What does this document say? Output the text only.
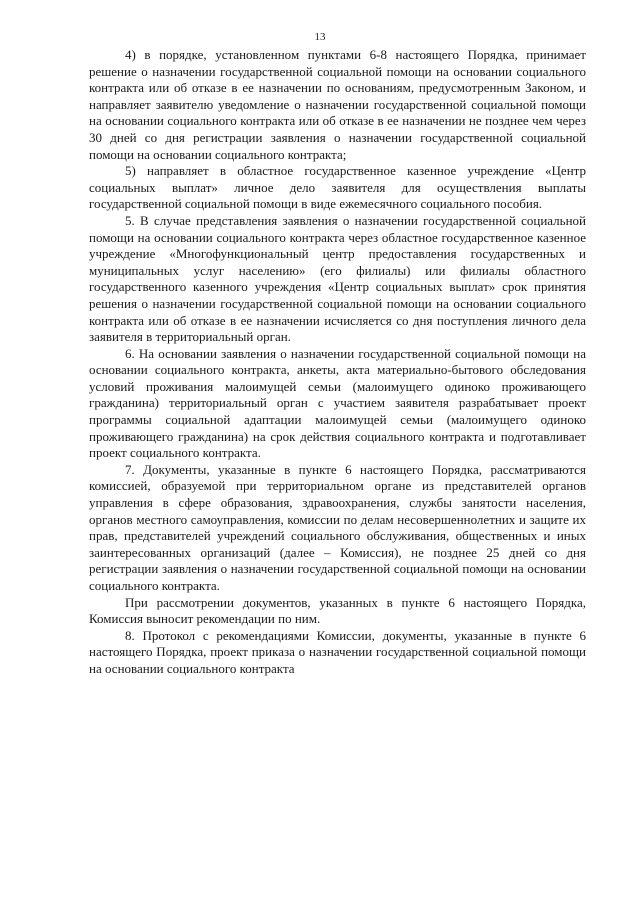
13

4) в порядке, установленном пунктами 6-8 настоящего Порядка, принимает решение о назначении государственной социальной помощи на основании социального контракта или об отказе в ее назначении по основаниям, предусмотренным Законом, и направляет заявителю уведомление о назначении государственной социальной помощи на основании социального контракта или об отказе в ее назначении не позднее чем через 30 дней со дня регистрации заявления о назначении государственной социальной помощи на основании социального контракта;

5) направляет в областное государственное казенное учреждение «Центр социальных выплат» личное дело заявителя для осуществления выплаты государственной социальной помощи в виде ежемесячного социального пособия.

5. В случае представления заявления о назначении государственной социальной помощи на основании социального контракта через областное государственное казенное учреждение «Многофункциональный центр предоставления государственных и муниципальных услуг населению» (его филиалы) или филиалы областного государственного казенного учреждения «Центр социальных выплат» срок принятия решения о назначении государственной социальной помощи на основании социального контракта или об отказе в ее назначении исчисляется со дня поступления личного дела заявителя в территориальный орган.

6. На основании заявления о назначении государственной социальной помощи на основании социального контракта, анкеты, акта материально-бытового обследования условий проживания малоимущей семьи (малоимущего одиноко проживающего гражданина) территориальный орган с участием заявителя разрабатывает проект программы социальной адаптации малоимущей семьи (малоимущего одиноко проживающего гражданина) на срок действия социального контракта и подготавливает проект социального контракта.

7. Документы, указанные в пункте 6 настоящего Порядка, рассматриваются комиссией, образуемой при территориальном органе из представителей органов управления в сфере образования, здравоохранения, службы занятости населения, органов местного самоуправления, комиссии по делам несовершеннолетних и защите их прав, представителей учреждений социального обслуживания, общественных и иных заинтересованных организаций (далее – Комиссия), не позднее 25 дней со дня регистрации заявления о назначении государственной социальной помощи на основании социального контракта.

При рассмотрении документов, указанных в пункте 6 настоящего Порядка, Комиссия выносит рекомендации по ним.

8. Протокол с рекомендациями Комиссии, документы, указанные в пункте 6 настоящего Порядка, проект приказа о назначении государственной социальной помощи на основании социального контракта
